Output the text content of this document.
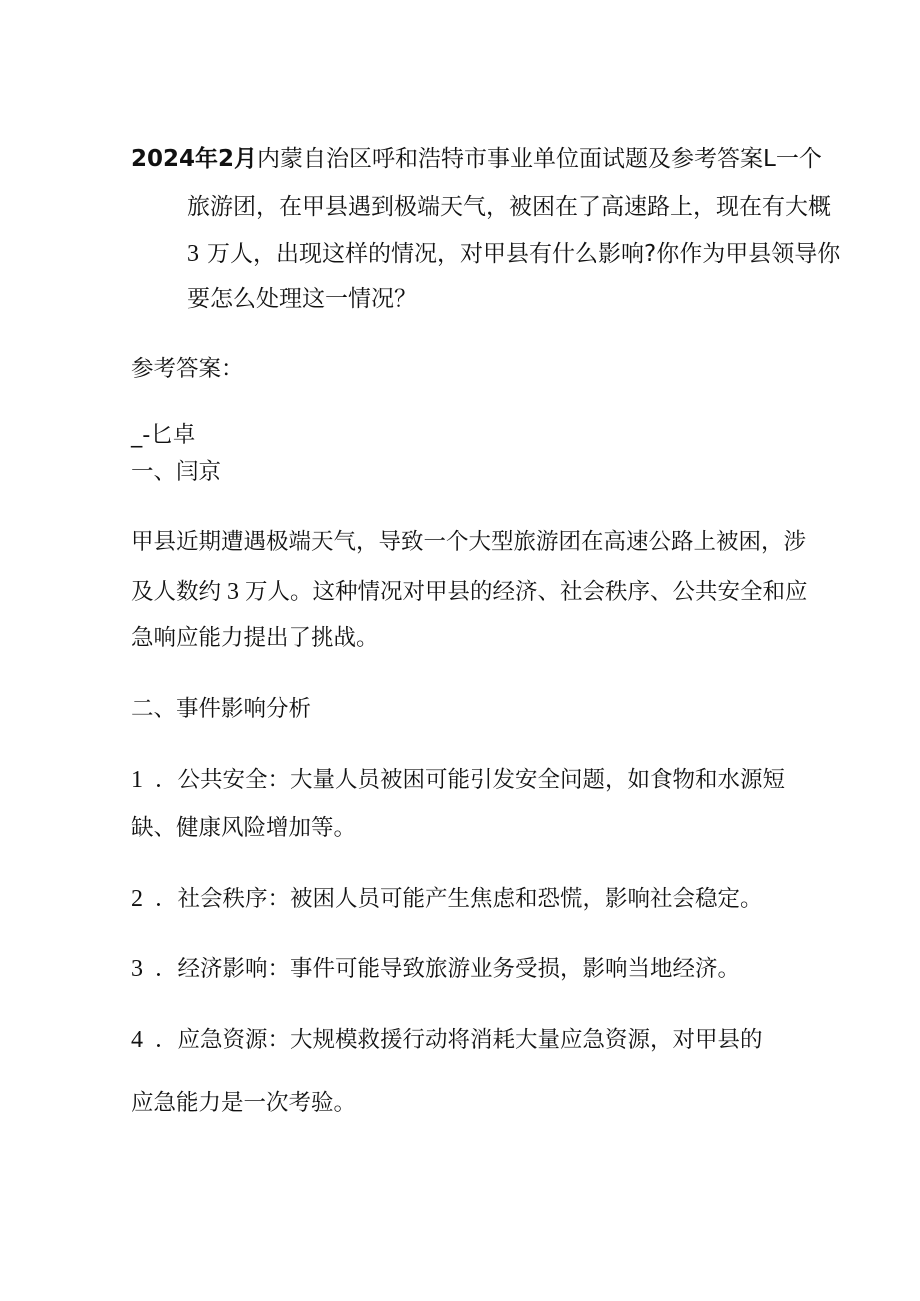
2024年2月内蒙自治区呼和浩特市事业单位面试题及参考答案L一个
旅游团，在甲县遇到极端天气，被困在了高速路上，现在有大概
3 万人，出现这样的情况，对甲县有什么影响?你作为甲县领导你
要怎么处理这一情况？
参考答案：
_-匕卓
一、闫京
甲县近期遭遇极端天气，导致一个大型旅游团在高速公路上被困，涉
及人数约 3 万人。这种情况对甲县的经济、社会秩序、公共安全和应
急响应能力提出了挑战。
二、事件影响分析
1 ．公共安全：大量人员被困可能引发安全问题，如食物和水源短
缺、健康风险增加等。
2 ．社会秩序：被困人员可能产生焦虑和恐慌，影响社会稳定。
3 ．经济影响：事件可能导致旅游业务受损，影响当地经济。
4 ．应急资源：大规模救援行动将消耗大量应急资源，对甲县的
应急能力是一次考验。
